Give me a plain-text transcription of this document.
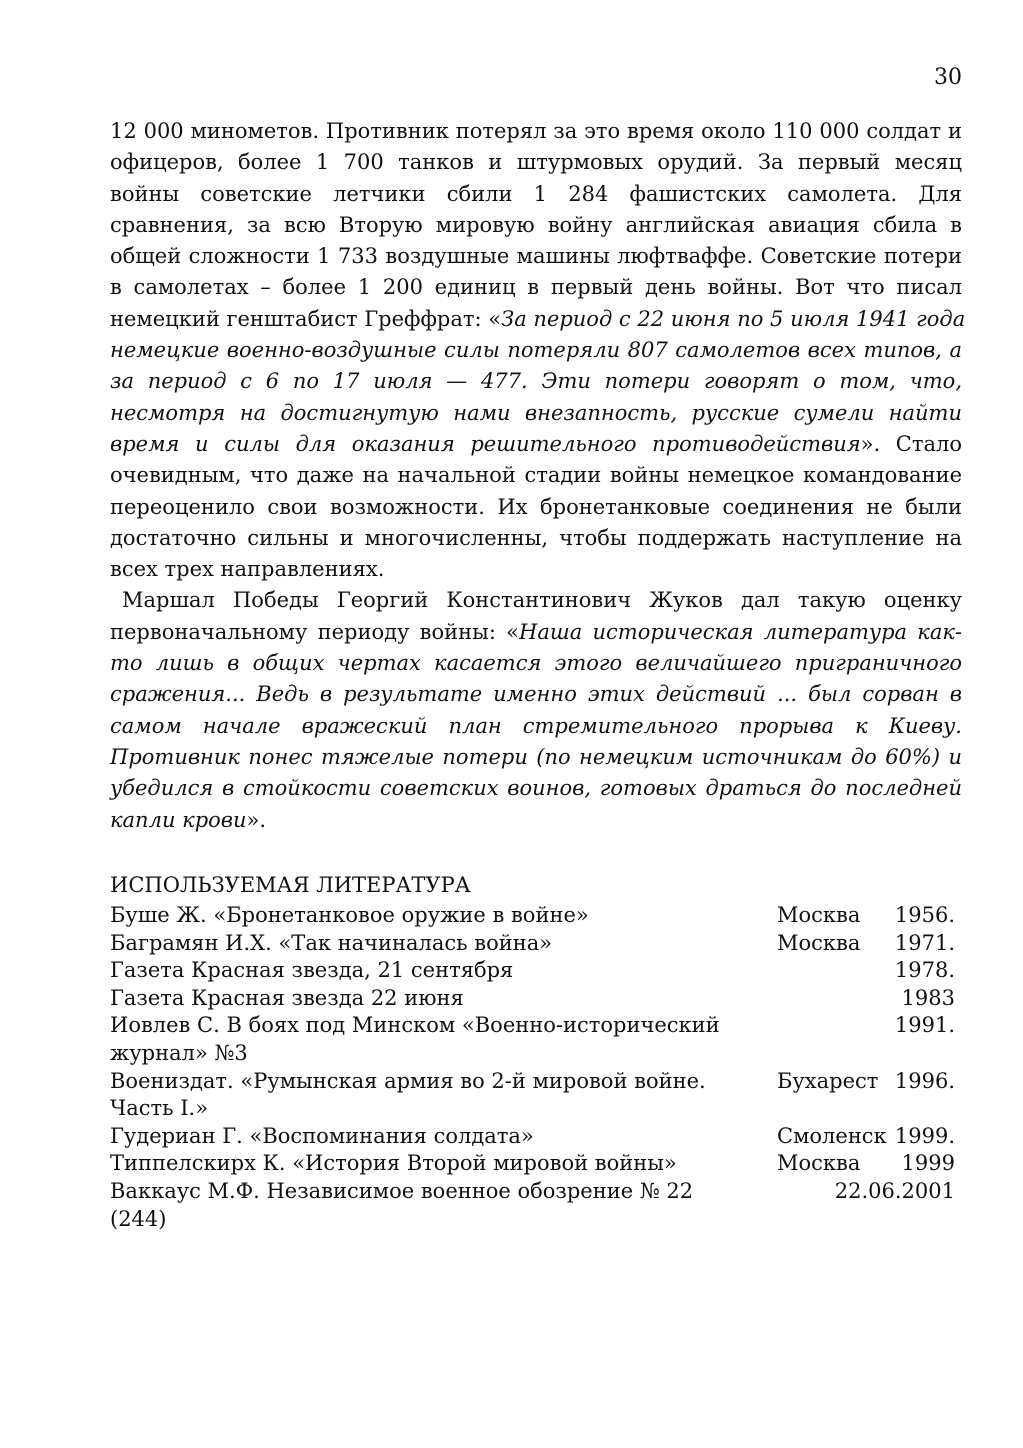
30
12 000 минометов. Противник потерял за это время около 110 000 солдат и
офицеров, более 1 700 танков и штурмовых орудий. За первый месяц
войны советские летчики сбили 1 284 фашистских самолета. Для
сравнения, за всю Вторую мировую войну английская авиация сбила в
общей сложности 1 733 воздушные машины люфтваффе. Советские потери
в самолетах – более 1 200 единиц в первый день войны. Вот что писал
немецкий генштабист Греффрат: «За период с 22 июня по 5 июля 1941 года
немецкие военно-воздушные силы потеряли 807 самолетов всех типов, а
за период с 6 по 17 июля — 477. Эти потери говорят о том, что,
несмотря на достигнутую нами внезапность, русские сумели найти
время и силы для оказания решительного противодействия». Стало
очевидным, что даже на начальной стадии войны немецкое командование
переоценило свои возможности. Их бронетанковые соединения не были
достаточно сильны и многочисленны, чтобы поддержать наступление на
всех трех направлениях.
Маршал Победы Георгий Константинович Жуков дал такую оценку
первоначальному периоду войны: «Наша историческая литература как-
то лишь в общих чертах касается этого величайшего приграничного
сражения... Ведь в результате именно этих действий ... был сорван в
самом начале вражеский план стремительного прорыва к Киеву.
Противник понес тяжелые потери (по немецким источникам до 60%) и
убедился в стойкости советских воинов, готовых драться до последней
капли крови».
ИСПОЛЬЗУЕМАЯ ЛИТЕРАТУРА
Буше Ж. «Бронетанковое оружие в войне»	Москва 1956.
Баграмян И.Х. «Так начиналась война»	Москва 1971.
Газета Красная звезда, 21 сентября	1978.
Газета Красная звезда 22 июня	1983
Иовлев С. В боях под Минском «Военно-исторический	1991.
журнал» №3
Воениздат. «Румынская армия во 2-й мировой войне.	Бухарест 1996.
Часть I.»
Гудериан Г. «Воспоминания солдата»	Смоленск 1999.
Типпелскирх К. «История Второй мировой войны»	Москва 1999
Ваккаус М.Ф. Независимое военное обозрение № 22	22.06.2001
(244)
